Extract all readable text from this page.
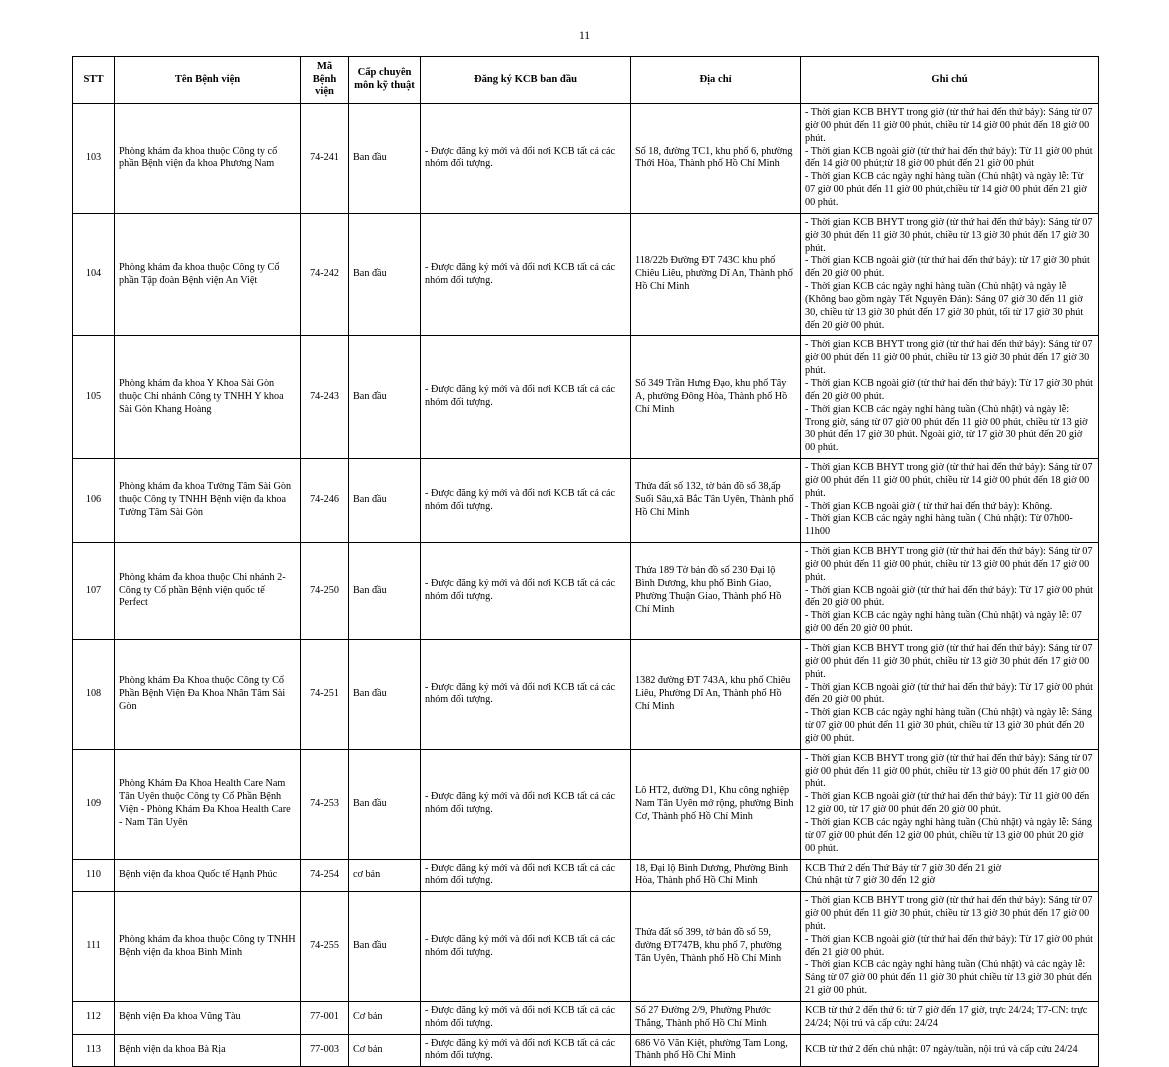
11
STT	Tên Bệnh viện	Mã Bệnh viện	Cấp chuyên môn kỹ thuật	Đăng ký KCB ban đầu	Địa chỉ	Ghi chú
103	Phòng khám đa khoa thuộc Công ty cổ phần Bệnh viện đa khoa Phương Nam	74-241	Ban đầu	- Được đăng ký mới và đổi nơi KCB tất cả các nhóm đối tượng.	Số 18, đường TC1, khu phố 6, phường Thới Hòa, Thành phố Hồ Chí Minh	- Thời gian KCB BHYT trong giờ (từ thứ hai đến thứ bảy): Sáng từ 07 giờ 00 phút đến 11 giờ 00 phút, chiều từ 14 giờ 00 phút đến 18 giờ 00 phút.
- Thời gian KCB ngoài giờ (từ thứ hai đến thứ bảy): Từ 11 giờ 00 phút đến 14 giờ 00 phút;từ 18 giờ 00 phút đến 21 giờ 00 phút
- Thời gian KCB các ngày nghỉ hàng tuần (Chủ nhật) và ngày lễ: Từ 07 giờ 00 phút đến 11 giờ 00 phút,chiều từ 14 giờ 00 phút đến 21 giờ 00 phút.

104	Phòng khám đa khoa thuộc Công ty Cổ phần Tập đoàn Bệnh viện An Việt	74-242	Ban đầu	- Được đăng ký mới và đổi nơi KCB tất cả các nhóm đối tượng.	118/22b Đường ĐT 743C khu phố Chiêu Liêu, phường Dĩ An, Thành phố Hồ Chí Minh	- Thời gian KCB BHYT trong giờ (từ thứ hai đến thứ bảy): Sáng từ 07 giờ 30 phút đến 11 giờ 30 phút, chiều từ 13 giờ 30 phút đến 17 giờ 30 phút.
- Thời gian KCB ngoài giờ (từ thứ hai đến thứ bảy): từ 17 giờ 30 phút đến 20 giờ 00 phút.
- Thời gian KCB các ngày nghỉ hàng tuần (Chủ nhật) và ngày lễ (Không bao gồm ngày Tết Nguyên Đán): Sáng 07 giờ 30 đến 11 giờ 30, chiều từ 13 giờ 30 phút đến 17 giờ 30 phút, tối từ 17 giờ 30 phút đến 20 giờ 00 phút.

105	Phòng khám đa khoa Y Khoa Sài Gòn thuộc Chi nhánh Công ty TNHH Y khoa Sài Gòn Khang Hoàng	74-243	Ban đầu	- Được đăng ký mới và đổi nơi KCB tất cả các nhóm đối tượng.	Số 349 Trần Hưng Đạo, khu phố Tây A, phường Đông Hòa, Thành phố Hồ Chí Minh	- Thời gian KCB BHYT trong giờ (từ thứ hai đến thứ bảy): Sáng từ 07 giờ 00 phút đến 11 giờ 00 phút, chiều từ 13 giờ 30 phút đến 17 giờ 30 phút.
- Thời gian KCB ngoài giờ (từ thứ hai đến thứ bảy): Từ 17 giờ 30 phút đến 20 giờ 00 phút.
- Thời gian KCB các ngày nghỉ hàng tuần (Chủ nhật) và ngày lễ: Trong giờ, sáng từ 07 giờ 00 phút đến 11 giờ 00 phút, chiều từ 13 giờ 30 phút đến 17 giờ 30 phút. Ngoài giờ, từ 17 giờ 30 phút đến 20 giờ 00 phút.

106	Phòng khám đa khoa Tường Tâm Sài Gòn thuộc Công ty TNHH Bệnh viện đa khoa Tường Tâm Sài Gòn	74-246	Ban đầu	- Được đăng ký mới và đổi nơi KCB tất cả các nhóm đối tượng.	Thửa đất số 132, tờ bản đồ số 38,ấp Suối Sâu,xã Bắc Tân Uyên, Thành phố Hồ Chí Minh	- Thời gian KCB BHYT trong giờ (từ thứ hai đến thứ bảy): Sáng từ 07 giờ 00 phút đến 11 giờ 00 phút, chiều từ 14 giờ 00 phút đến 18 giờ 00 phút.
- Thời gian KCB ngoài giờ ( từ thứ hai đến thứ bảy): Không.
- Thời gian KCB các ngày nghỉ hàng tuần ( Chủ nhật): Từ 07h00-11h00

107	Phòng khám đa khoa thuộc Chi nhánh 2- Công ty Cổ phần Bệnh viện quốc tế Perfect	74-250	Ban đầu	- Được đăng ký mới và đổi nơi KCB tất cả các nhóm đối tượng.	Thửa 189 Tờ bản đồ số 230 Đại lộ Bình Dương, khu phố Bình Giao, Phường Thuận Giao, Thành phố Hồ Chí Minh	- Thời gian KCB BHYT trong giờ (từ thứ hai đến thứ bảy): Sáng từ 07 giờ 00 phút đến 11 giờ 00 phút, chiều từ 13 giờ 00 phút đến 17 giờ 00 phút.
- Thời gian KCB ngoài giờ (từ thứ hai đến thứ bảy): Từ 17 giờ 00 phút đến 20 giờ 00 phút.
- Thời gian KCB các ngày nghỉ hàng tuần (Chủ nhật) và ngày lễ: 07 giờ 00 đến 20 giờ 00 phút.

108	Phòng khám Đa Khoa thuộc Công ty Cổ Phần Bệnh Viện Đa Khoa Nhân Tâm Sài Gòn	74-251	Ban đầu	- Được đăng ký mới và đổi nơi KCB tất cả các nhóm đối tượng.	1382 đường ĐT 743A, khu phố Chiêu Liêu, Phường Dĩ An, Thành phố Hồ Chí Minh	- Thời gian KCB BHYT trong giờ (từ thứ hai đến thứ bảy): Sáng từ 07 giờ 00 phút đến 11 giờ 30 phút, chiều từ 13 giờ 30 phút đến 17 giờ 00 phút.
- Thời gian KCB ngoài giờ (từ thứ hai đến thứ bảy): Từ 17 giờ 00 phút đến 20 giờ 00 phút.
- Thời gian KCB các ngày nghỉ hàng tuần (Chủ nhật) và ngày lễ: Sáng từ 07 giờ 00 phút đến 11 giờ 30 phút, chiều từ 13 giờ 30 phút đến 20 giờ 00 phút.

109	Phòng Khám Đa Khoa Health Care Nam Tân Uyên thuộc Công ty Cổ Phần Bệnh Viện - Phòng Khám Đa Khoa Health Care - Nam Tân Uyên	74-253	Ban đầu	- Được đăng ký mới và đổi nơi KCB tất cả các nhóm đối tượng.	Lô HT2, đường D1, Khu công nghiệp Nam Tân Uyên mở rộng, phường Bình Cơ, Thành phố Hồ Chí Minh	- Thời gian KCB BHYT trong giờ (từ thứ hai đến thứ bảy): Sáng từ 07 giờ 00 phút đến 11 giờ 00 phút, chiều từ 13 giờ 00 phút đến 17 giờ 00 phút.
- Thời gian KCB ngoài giờ (từ thứ hai đến thứ bảy): Từ 11 giờ 00 đến 12 giờ 00, từ 17 giờ 00 phút đến 20 giờ 00 phút.
- Thời gian KCB các ngày nghỉ hàng tuần (Chủ nhật) và ngày lễ: Sáng từ 07 giờ 00 phút đến 12 giờ 00 phút, chiều từ 13 giờ 00 phút 20 giờ 00 phút.

110	Bệnh viện đa khoa Quốc tế Hạnh Phúc	74-254	cơ bản	- Được đăng ký mới và đổi nơi KCB tất cả các nhóm đối tượng.	18, Đại lộ Bình Dương, Phường Bình Hòa, Thành phố Hồ Chí Minh	KCB Thứ 2 đến Thứ Bảy từ 7 giờ 30 đến 21 giờ
Chủ nhật từ 7 giờ 30 đến 12 giờ

111	Phòng khám đa khoa thuộc Công ty TNHH Bệnh viện đa khoa Bình Minh	74-255	Ban đầu	- Được đăng ký mới và đổi nơi KCB tất cả các nhóm đối tượng.	Thửa đất số 399, tờ bản đồ số 59, đường ĐT747B, khu phố 7, phường Tân Uyên, Thành phố Hồ Chí Minh	- Thời gian KCB BHYT trong giờ (từ thứ hai đến thứ bảy): Sáng từ 07 giờ 00 phút đến 11 giờ 30 phút, chiều từ 13 giờ 30 phút đến 17 giờ 00 phút.
- Thời gian KCB ngoài giờ (từ thứ hai đến thứ bảy): Từ 17 giờ 00 phút đến 21 giờ 00 phút.
- Thời gian KCB các ngày nghỉ hàng tuần (Chủ nhật) và các ngày lễ: Sáng từ 07 giờ 00 phút đến 11 giờ 30 phút chiều từ 13 giờ 30 phút đến 21 giờ 00 phút.

112	Bệnh viện Đa khoa Vũng Tàu	77-001	Cơ bản	- Được đăng ký mới và đổi nơi KCB tất cả các nhóm đối tượng.	Số 27 Đường 2/9, Phường Phước Thắng, Thành phố Hồ Chí Minh	KCB từ thứ 2 đến thứ 6: từ 7 giờ đến 17 giờ, trực 24/24; T7-CN: trực 24/24; Nội trú và cấp cứu: 24/24

113	Bệnh viện da khoa Bà Rịa	77-003	Cơ bản	- Được đăng ký mới và đổi nơi KCB tất cả các nhóm đối tượng.	686 Võ Văn Kiệt, phường Tam Long, Thành phố Hồ Chí Minh	KCB từ thứ 2 đến chủ nhật: 07 ngày/tuần, nội trú và cấp cứu 24/24
